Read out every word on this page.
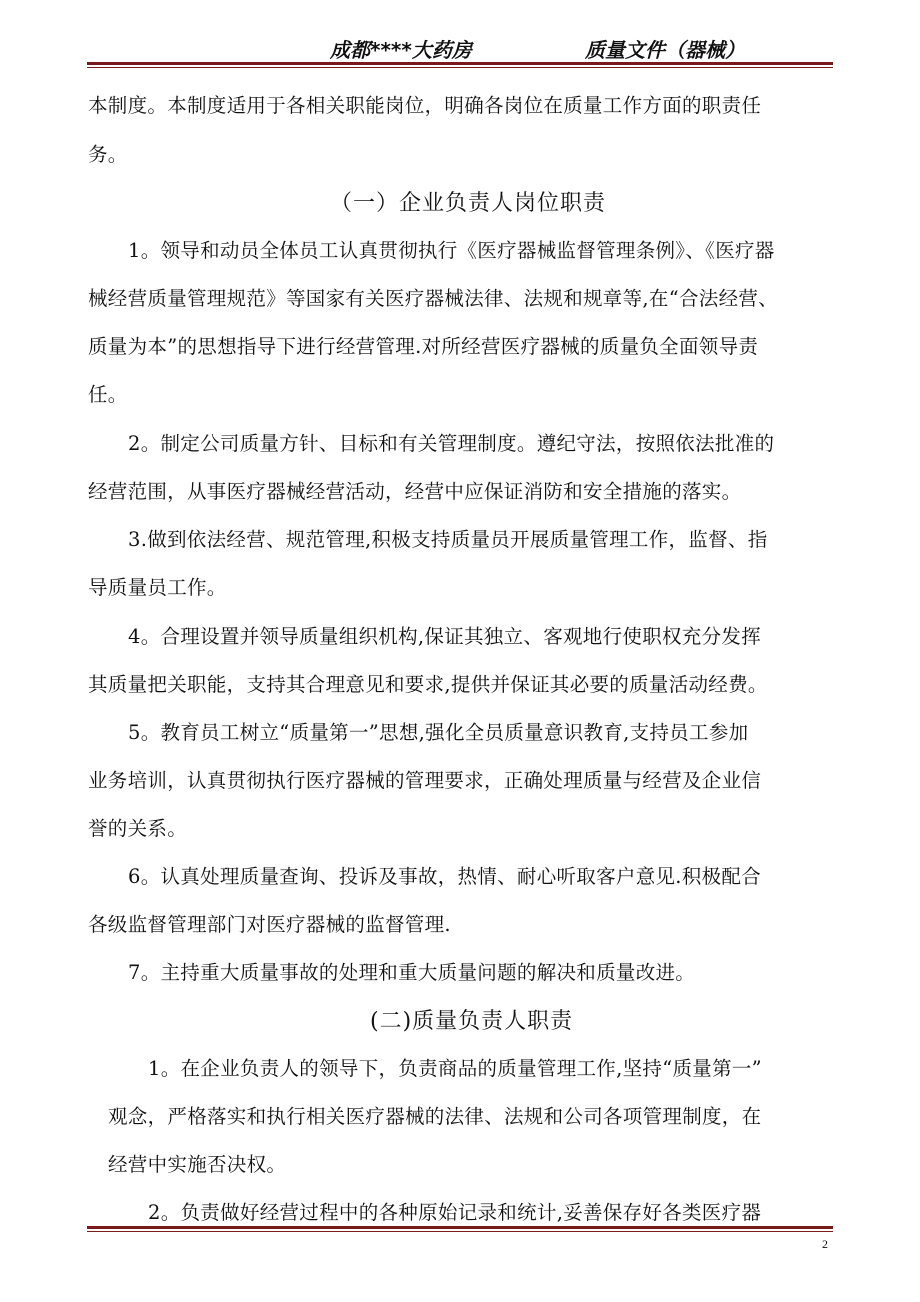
成都****大药房	质量文件（器械）
本制度。本制度适用于各相关职能岗位，明确各岗位在质量工作方面的职责任
务。
（一）企业负责人岗位职责
1。领导和动员全体员工认真贯彻执行《医疗器械监督管理条例》、《医疗器
械经营质量管理规范》等国家有关医疗器械法律、法规和规章等,在“合法经营、
质量为本”的思想指导下进行经营管理.对所经营医疗器械的质量负全面领导责
任。
2。制定公司质量方针、目标和有关管理制度。遵纪守法，按照依法批准的
经营范围，从事医疗器械经营活动，经营中应保证消防和安全措施的落实。
3.做到依法经营、规范管理,积极支持质量员开展质量管理工作，监督、指
导质量员工作。
4。合理设置并领导质量组织机构,保证其独立、客观地行使职权充分发挥
其质量把关职能，支持其合理意见和要求,提供并保证其必要的质量活动经费。
5。教育员工树立“质量第一”思想,强化全员质量意识教育,支持员工参加
业务培训，认真贯彻执行医疗器械的管理要求，正确处理质量与经营及企业信
誉的关系。
6。认真处理质量查询、投诉及事故，热情、耐心听取客户意见.积极配合
各级监督管理部门对医疗器械的监督管理.
7。主持重大质量事故的处理和重大质量问题的解决和质量改进。
(二)质量负责人职责
1。在企业负责人的领导下，负责商品的质量管理工作,坚持“质量第一”
观念，严格落实和执行相关医疗器械的法律、法规和公司各项管理制度，在
经营中实施否决权。
2。负责做好经营过程中的各种原始记录和统计,妥善保存好各类医疗器
2
